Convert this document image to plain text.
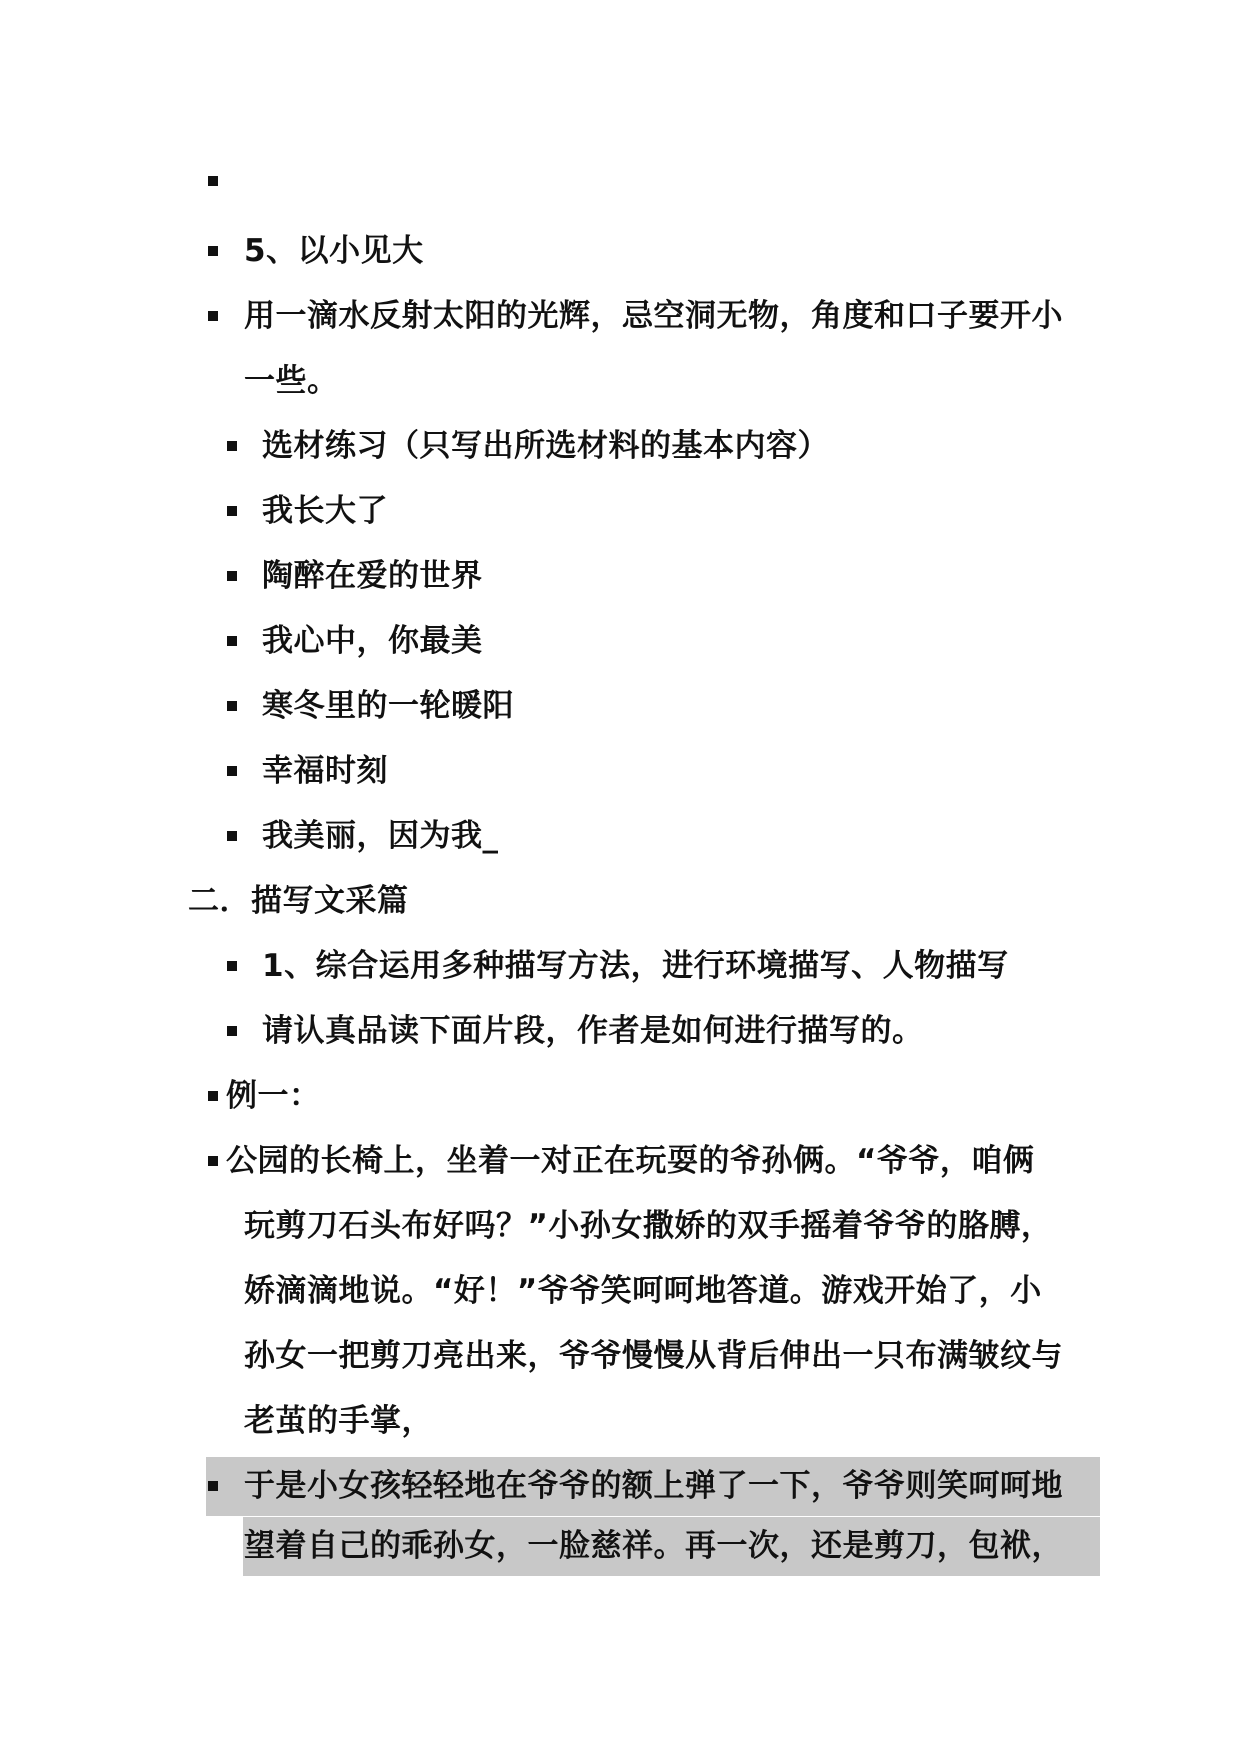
5、以小见大
用一滴水反射太阳的光辉，忌空洞无物，角度和口子要开小
一些。
选材练习（只写出所选材料的基本内容）
我长大了
陶醉在爱的世界
我心中，你最美
寒冬里的一轮暖阳
幸福时刻
我美丽，因为我_
二．描写文采篇
1、综合运用多种描写方法，进行环境描写、人物描写
请认真品读下面片段，作者是如何进行描写的。
例一：
公园的长椅上，坐着一对正在玩耍的爷孙俩。“爷爷，咱俩
玩剪刀石头布好吗？”小孙女撒娇的双手摇着爷爷的胳膊，
娇滴滴地说。“好！”爷爷笑呵呵地答道。游戏开始了，小
孙女一把剪刀亮出来，爷爷慢慢从背后伸出一只布满皱纹与
老茧的手掌，
于是小女孩轻轻地在爷爷的额上弹了一下，爷爷则笑呵呵地
望着自己的乖孙女，一脸慈祥。再一次，还是剪刀，包袱，
